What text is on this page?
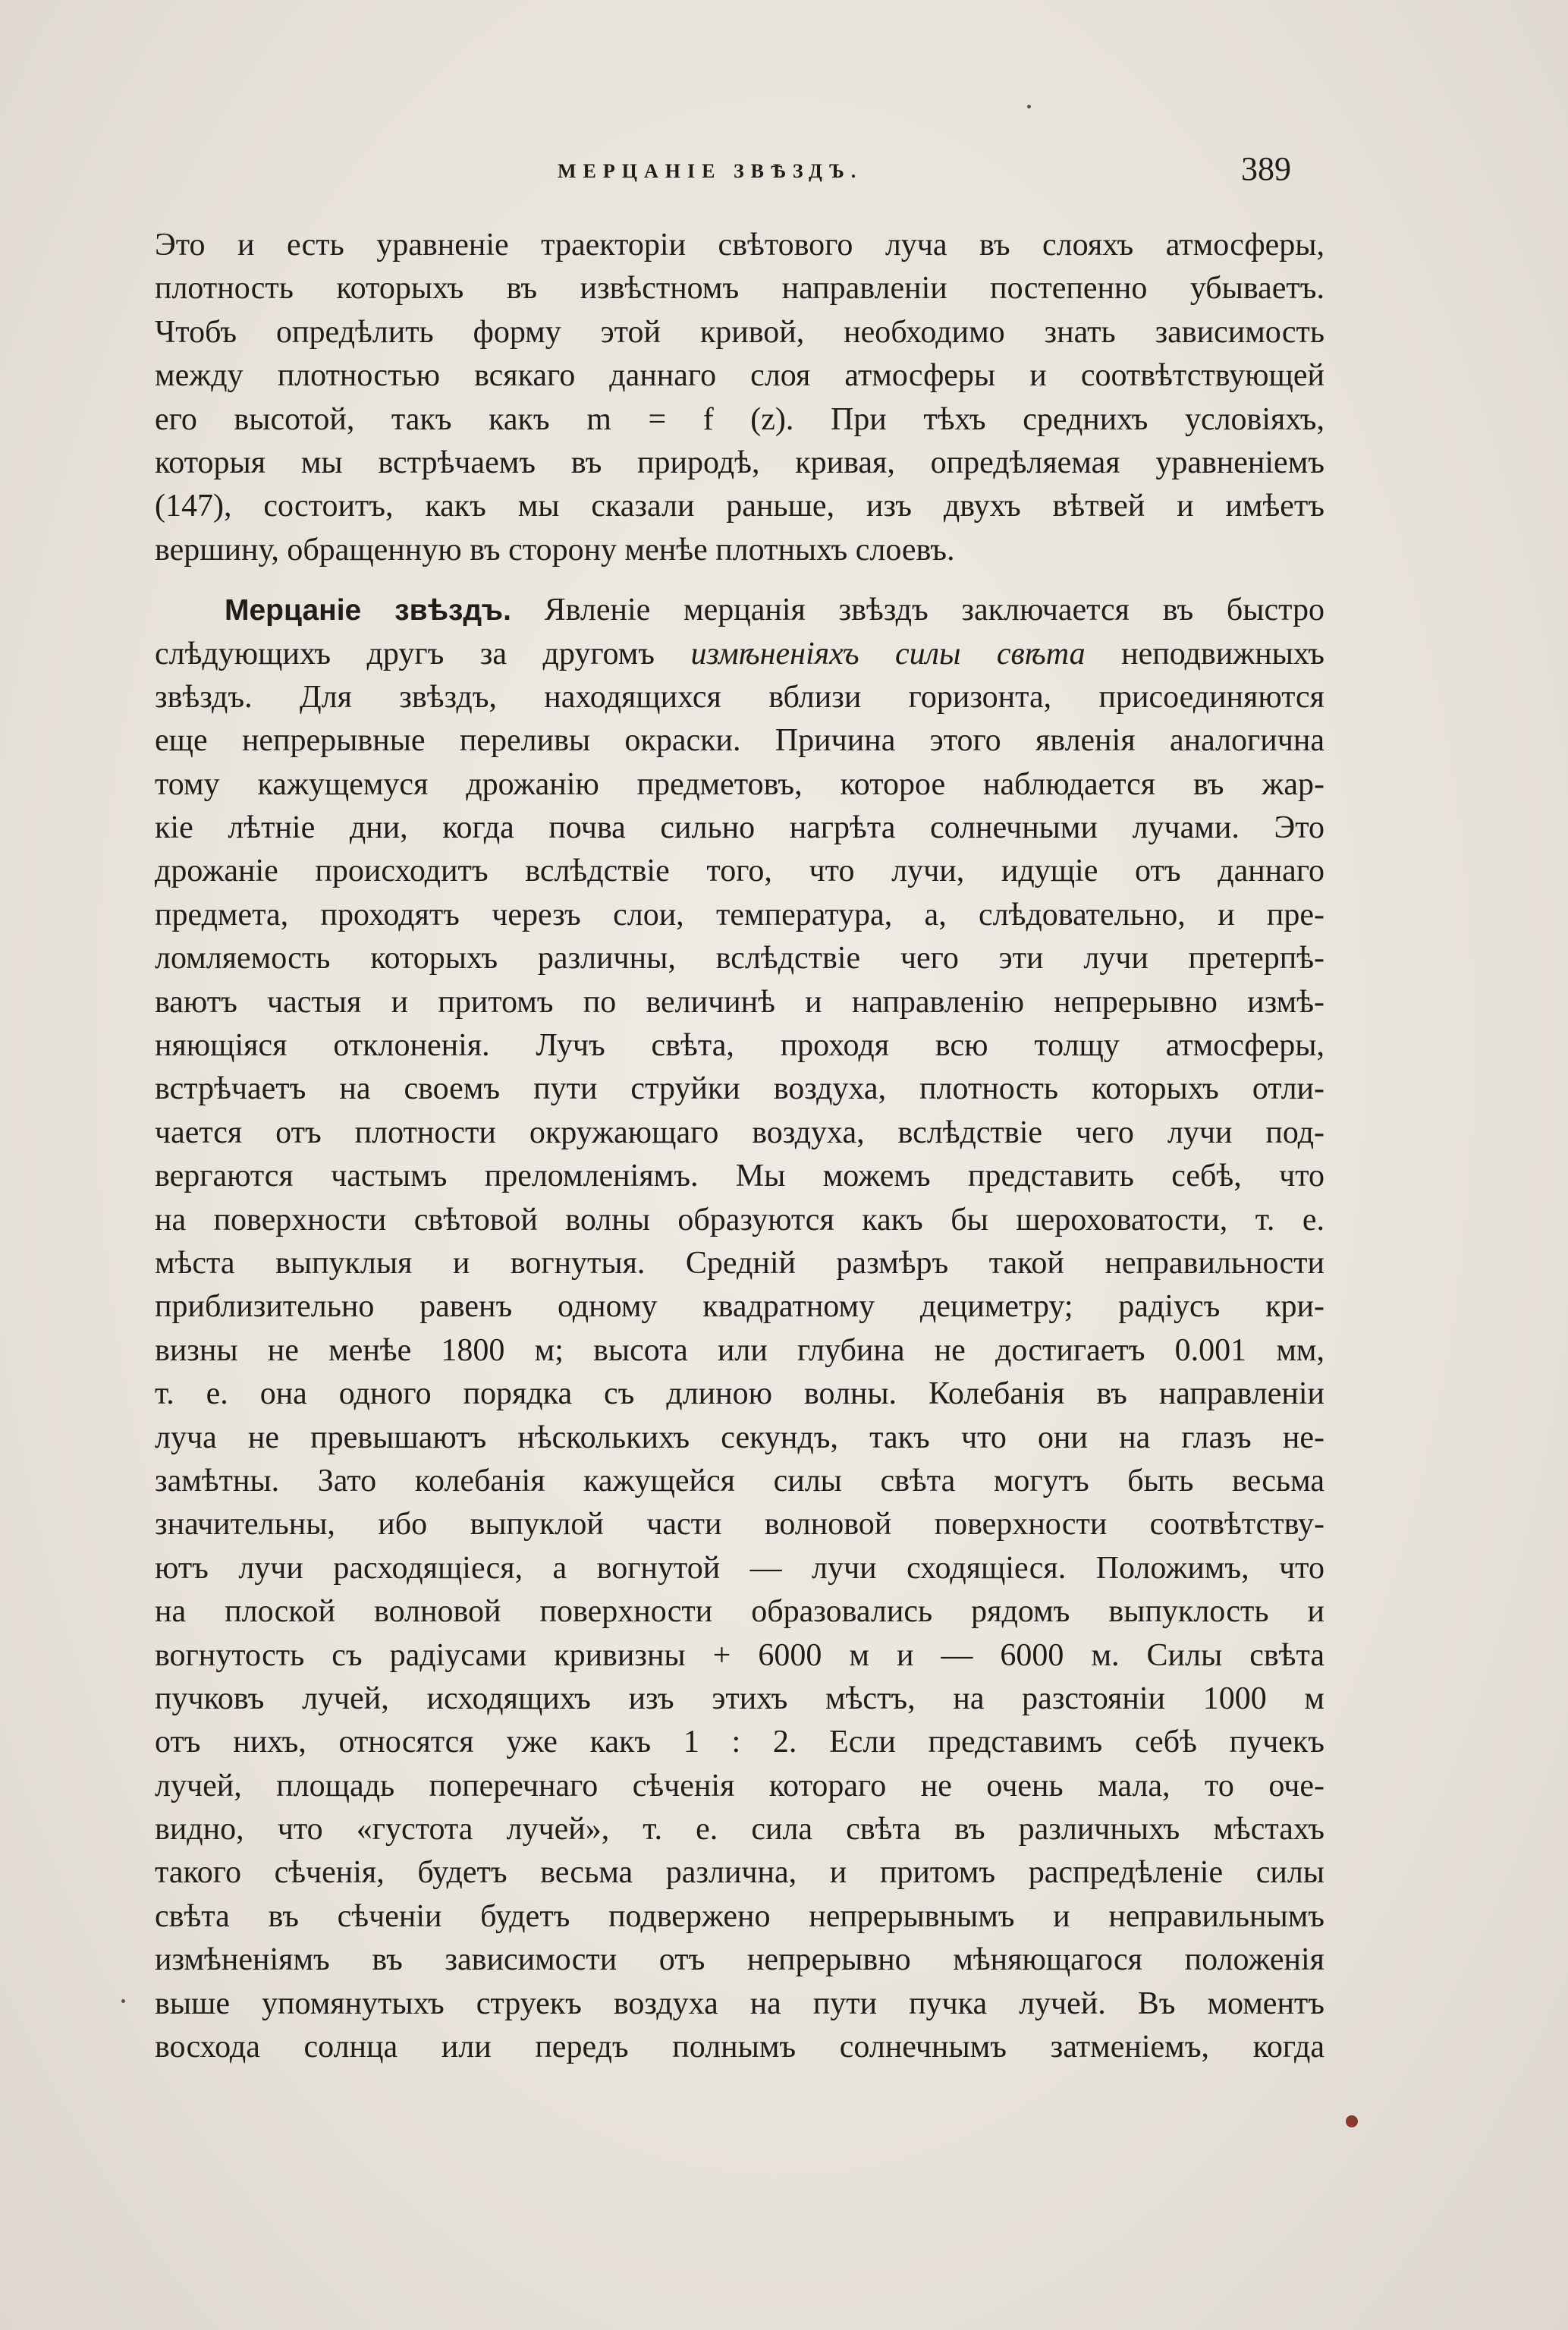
МЕРЦАНІЕ ЗВѢЗДЪ.	389
Это и есть уравненіе траекторіи свѣтового луча въ слояхъ атмосферы,
плотность которыхъ въ извѣстномъ направленіи постепенно убываетъ.
Чтобъ опредѣлить форму этой кривой, необходимо знать зависимость
между плотностью всякаго даннаго слоя атмосферы и соотвѣтствующей
его высотой, такъ какъ m = f (z). При тѣхъ среднихъ условіяхъ,
которыя мы встрѣчаемъ въ природѣ, кривая, опредѣляемая уравненіемъ
(147), состоитъ, какъ мы сказали раньше, изъ двухъ вѣтвей и имѣетъ
вершину, обращенную въ сторону менѣе плотныхъ слоевъ.
Мерцаніе звѣздъ. Явленіе мерцанія звѣздъ заключается въ быстро
слѣдующихъ другъ за другомъ измѣненіяхъ силы свѣта неподвижныхъ
звѣздъ. Для звѣздъ, находящихся вблизи горизонта, присоединяются
еще непрерывные переливы окраски. Причина этого явленія аналогична
тому кажущемуся дрожанію предметовъ, которое наблюдается въ жар-
кіе лѣтніе дни, когда почва сильно нагрѣта солнечными лучами. Это
дрожаніе происходитъ вслѣдствіе того, что лучи, идущіе отъ даннаго
предмета, проходятъ черезъ слои, температура, а, слѣдовательно, и пре-
ломляемость которыхъ различны, вслѣдствіе чего эти лучи претерпѣ-
ваютъ частыя и притомъ по величинѣ и направленію непрерывно измѣ-
няющіяся отклоненія. Лучъ свѣта, проходя всю толщу атмосферы,
встрѣчаетъ на своемъ пути струйки воздуха, плотность которыхъ отли-
чается отъ плотности окружающаго воздуха, вслѣдствіе чего лучи под-
вергаются частымъ преломленіямъ. Мы можемъ представить себѣ, что
на поверхности свѣтовой волны образуются какъ бы шероховатости, т. е.
мѣста выпуклыя и вогнутыя. Среднiй размѣръ такой неправильности
приблизительно равенъ одному квадратному дециметру; радіусъ кри-
визны не менѣе 1800 м; высота или глубина не достигаетъ 0.001 мм,
т. е. она одного порядка съ длиною волны. Колебанія въ направленіи
луча не превышаютъ нѣсколькихъ секундъ, такъ что они на глазъ не-
замѣтны. Зато колебанія кажущейся силы свѣта могутъ быть весьма
значительны, ибо выпуклой части волновой поверхности соотвѣтству-
ютъ лучи расходящіеся, а вогнутой — лучи сходящіеся. Положимъ, что
на плоской волновой поверхности образовались рядомъ выпуклость и
вогнутость съ радіусами кривизны + 6000 м и — 6000 м. Силы свѣта
пучковъ лучей, исходящихъ изъ этихъ мѣстъ, на разстояніи 1000 м
отъ нихъ, относятся уже какъ 1 : 2. Если представимъ себѣ пучекъ
лучей, площадь поперечнаго сѣченія котораго не очень мала, то оче-
видно, что «густота лучей», т. е. сила свѣта въ различныхъ мѣстахъ
такого сѣченія, будетъ весьма различна, и притомъ распредѣленіе силы
свѣта въ сѣченіи будетъ подвержено непрерывнымъ и неправильнымъ
измѣненіямъ въ зависимости отъ непрерывно мѣняющагося положенія
выше упомянутыхъ струекъ воздуха на пути пучка лучей. Въ моментъ
восхода солнца или передъ полнымъ солнечнымъ затменіемъ, когда
